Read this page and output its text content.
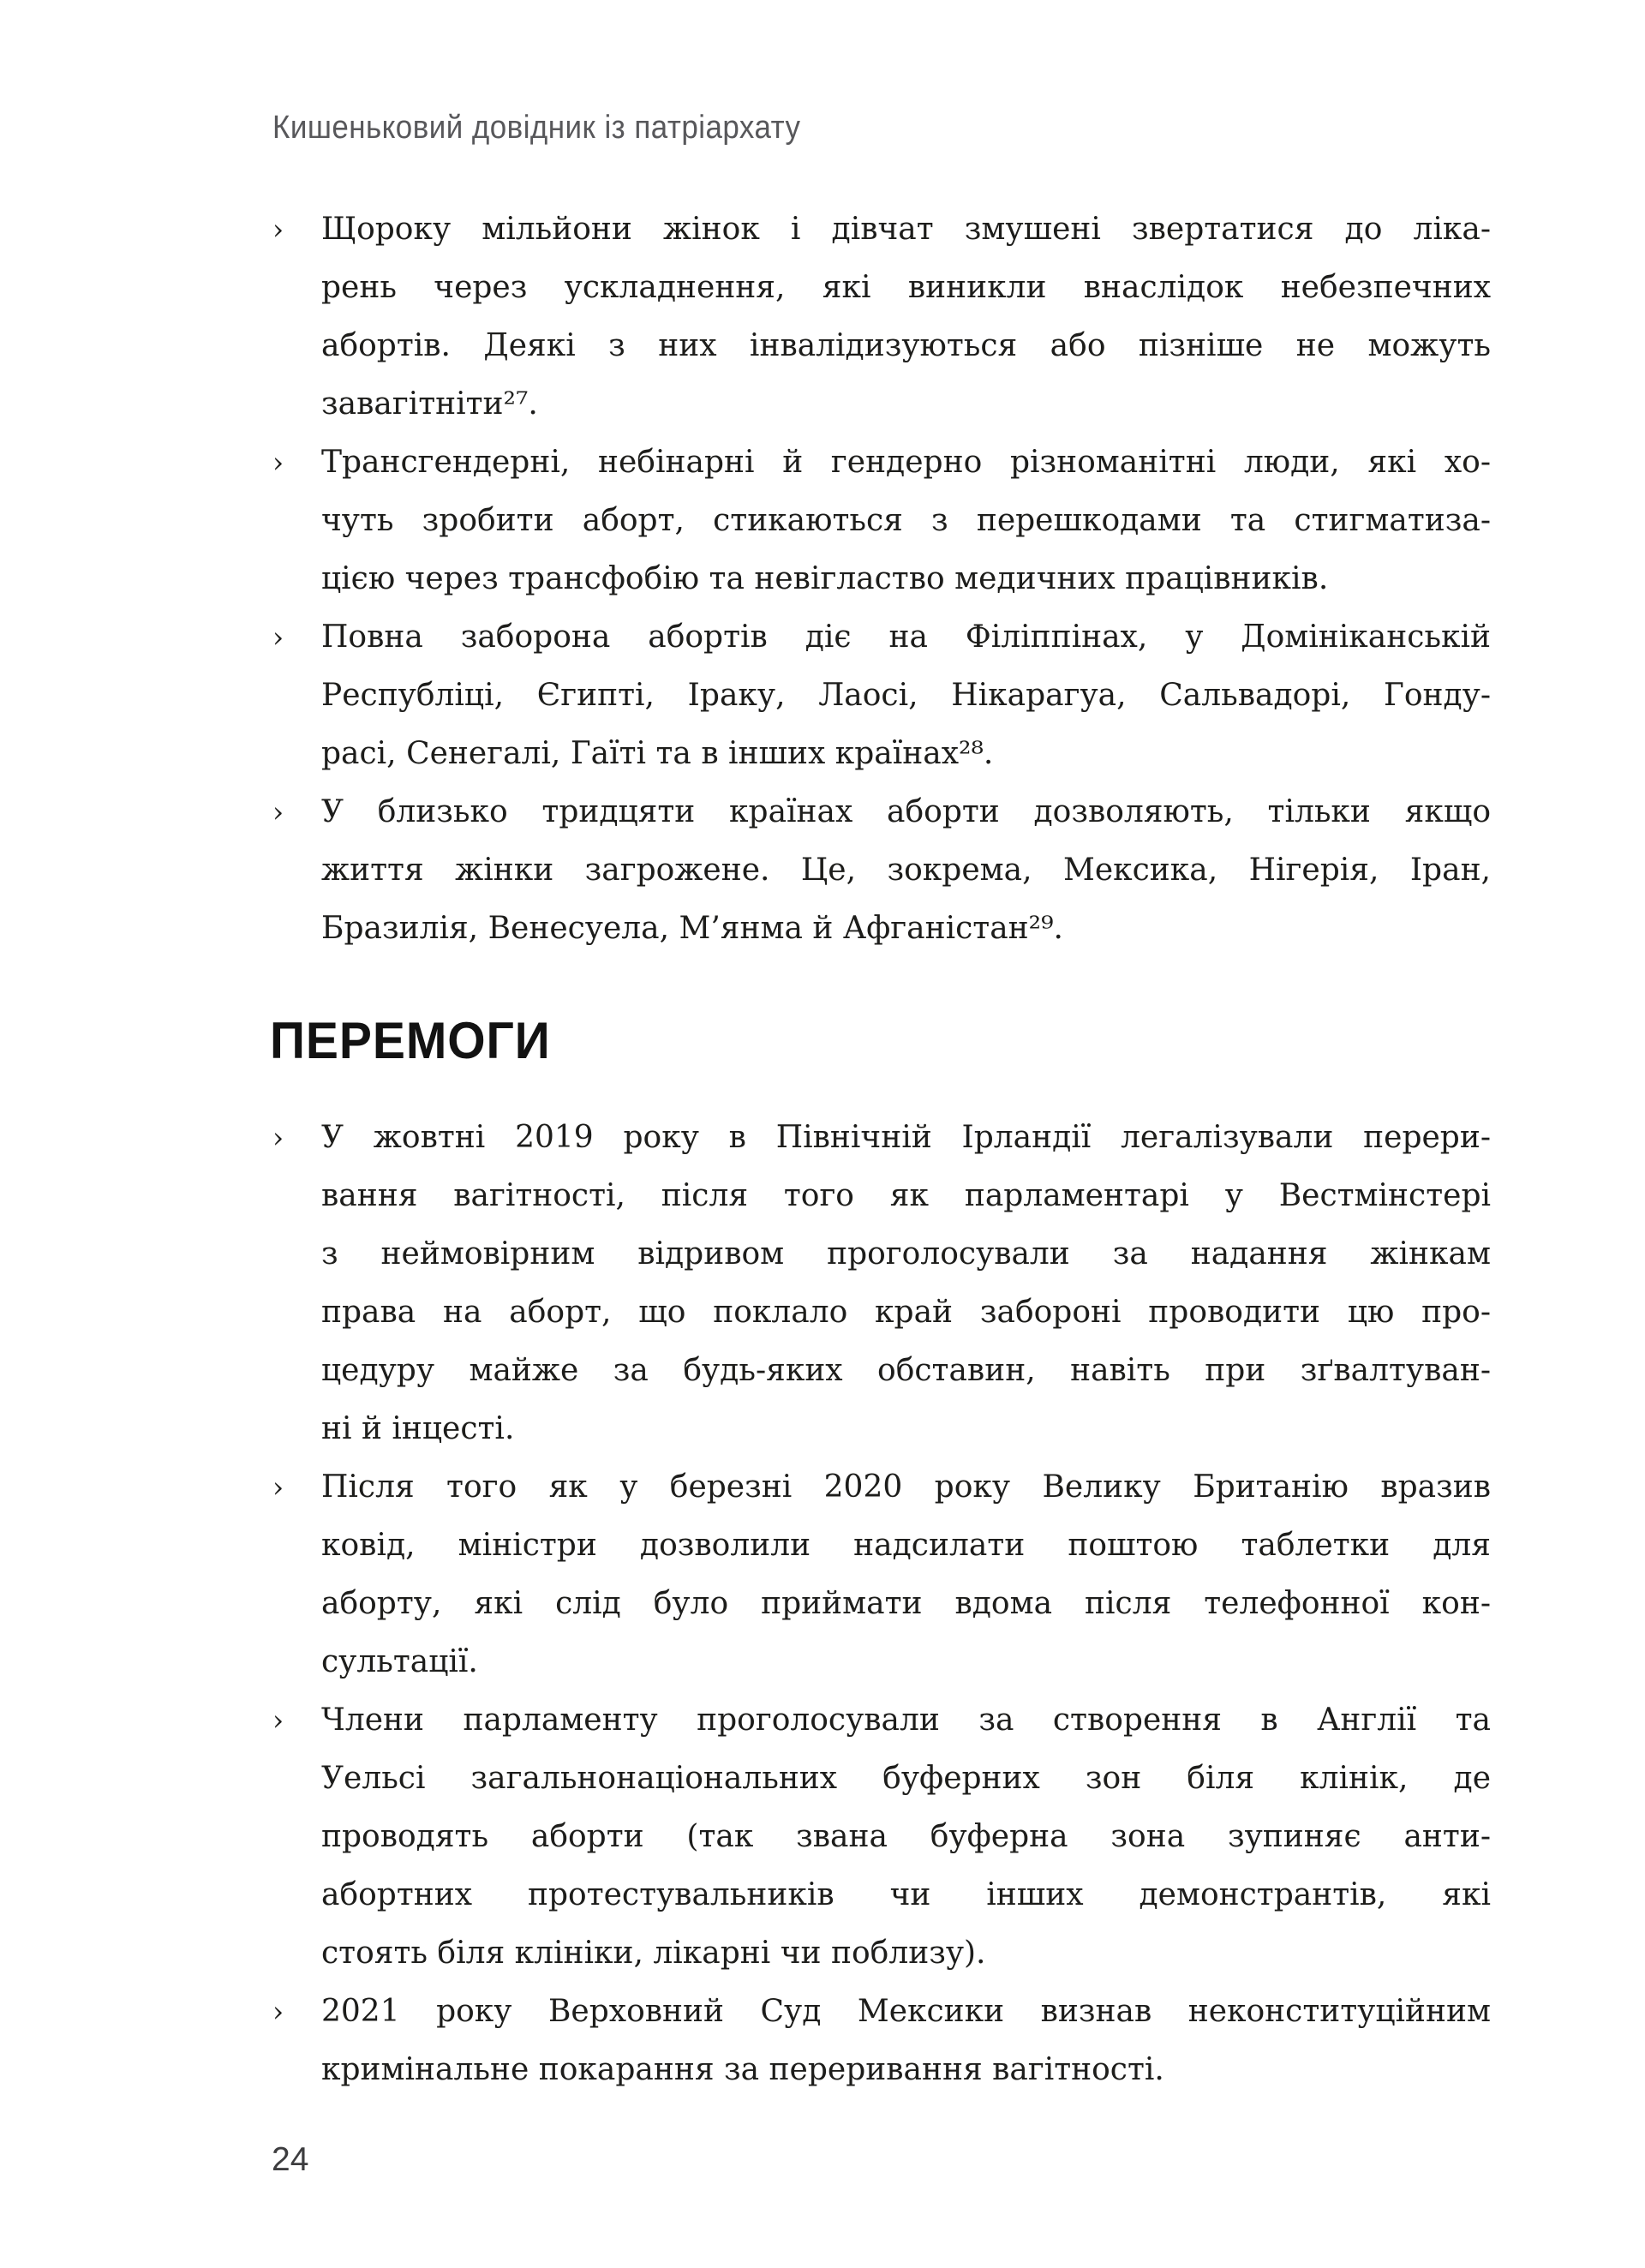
Кишеньковий довідник із патріархату
› Щороку мільйони жінок і дівчат змушені звертатися до ліка-
рень через ускладнення, які виникли внаслідок небезпечних
абортів. Деякі з них інвалідизуються або пізніше не можуть
завагітніти²⁷.
› Трансгендерні, небінарні й гендерно різноманітні люди, які хо-
чуть зробити аборт, стикаються з перешкодами та стигматиза-
цією через трансфобію та невігластво медичних працівників.
› Повна заборона абортів діє на Філіппінах, у Домініканській
Республіці, Єгипті, Іраку, Лаосі, Нікарагуа, Сальвадорі, Гонду-
расі, Сенегалі, Гаїті та в інших країнах²⁸.
› У близько тридцяти країнах аборти дозволяють, тільки якщо
життя жінки загрожене. Це, зокрема, Мексика, Нігерія, Іран,
Бразилія, Венесуела, М’янма й Афганістан²⁹.
ПЕРЕМОГИ
› У жовтні 2019 року в Північній Ірландії легалізували перери-
вання вагітності, після того як парламентарі у Вестмінстері
з неймовірним відривом проголосували за надання жінкам
права на аборт, що поклало край забороні проводити цю про-
цедуру майже за будь-яких обставин, навіть при зґвалтуван-
ні й інцесті.
› Після того як у березні 2020 року Велику Британію вразив
ковід, міністри дозволили надсилати поштою таблетки для
аборту, які слід було приймати вдома після телефонної кон-
сультації.
› Члени парламенту проголосували за створення в Англії та
Уельсі загальнонаціональних буферних зон біля клінік, де
проводять аборти (так звана буферна зона зупиняє анти-
абортних протестувальників чи інших демонстрантів, які
стоять біля клініки, лікарні чи поблизу).
› 2021 року Верховний Суд Мексики визнав неконституційним
кримінальне покарання за переривання вагітності.
24
